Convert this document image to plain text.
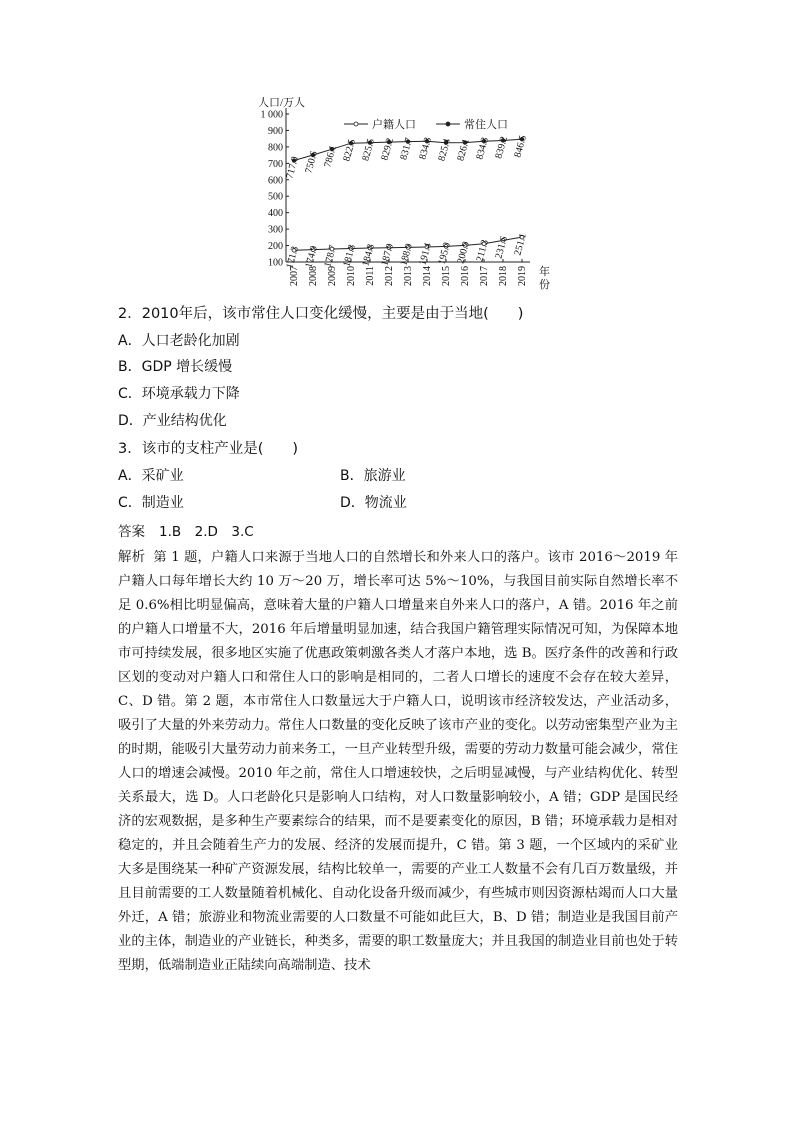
人口/万人
户籍人口	常住人口
100
200
300
400
500
600
700
800
900
1 000
2007 2008 2009 2010 2011 2012 2013 2014 2015 2016 2017 2018 2019
171.3 174.9 178.7 181.8 184.8 187.0 188.9 191.4 195.0 200.9 211.3 231.6 251.1
717.0 750.6 786.1 822.5 825.5 829.2 831.7 834.3 825.4 826.1 834.3 839.2 846.5
年
份
2．2010年后，该市常住人口变化缓慢，主要是由于当地(　　)
A．人口老龄化加剧
B．GDP 增长缓慢
C．环境承载力下降
D．产业结构优化
3．该市的支柱产业是(　　)
A．采矿业	B．旅游业
C．制造业	D．物流业
答案 1.B　2.D　3.C
解析 第 1 题，户籍人口来源于当地人口的自然增长和外来人口的落户。该市 2016～2019 年户籍人口每年增长大约 10 万～20 万，增长率可达 5%～10%，与我国目前实际自然增长率不足 0.6%相比明显偏高，意味着大量的户籍人口增量来自外来人口的落户，A 错。2016 年之前的户籍人口增量不大，2016 年后增量明显加速，结合我国户籍管理实际情况可知，为保障本地市可持续发展，很多地区实施了优惠政策刺激各类人才落户本地，选 B。医疗条件的改善和行政区划的变动对户籍人口和常住人口的影响是相同的，二者人口增长的速度不会存在较大差异，C、D 错。第 2 题，本市常住人口数量远大于户籍人口，说明该市经济较发达，产业活动多，吸引了大量的外来劳动力。常住人口数量的变化反映了该市产业的变化。以劳动密集型产业为主的时期，能吸引大量劳动力前来务工，一旦产业转型升级，需要的劳动力数量可能会减少，常住人口的增速会减慢。2010 年之前，常住人口增速较快，之后明显减慢，与产业结构优化、转型关系最大，选 D。人口老龄化只是影响人口结构，对人口数量影响较小，A 错；GDP 是国民经济的宏观数据，是多种生产要素综合的结果，而不是要素变化的原因，B 错；环境承载力是相对稳定的，并且会随着生产力的发展、经济的发展而提升，C 错。第 3 题，一个区域内的采矿业大多是围绕某一种矿产资源发展，结构比较单一，需要的产业工人数量不会有几百万数量级，并且目前需要的工人数量随着机械化、自动化设备升级而减少，有些城市则因资源枯竭而人口大量外迁，A 错；旅游业和物流业需要的人口数量不可能如此巨大，B、D 错；制造业是我国目前产业的主体，制造业的产业链长，种类多，需要的职工数量庞大；并且我国的制造业目前也处于转型期，低端制造业正陆续向高端制造、技术
